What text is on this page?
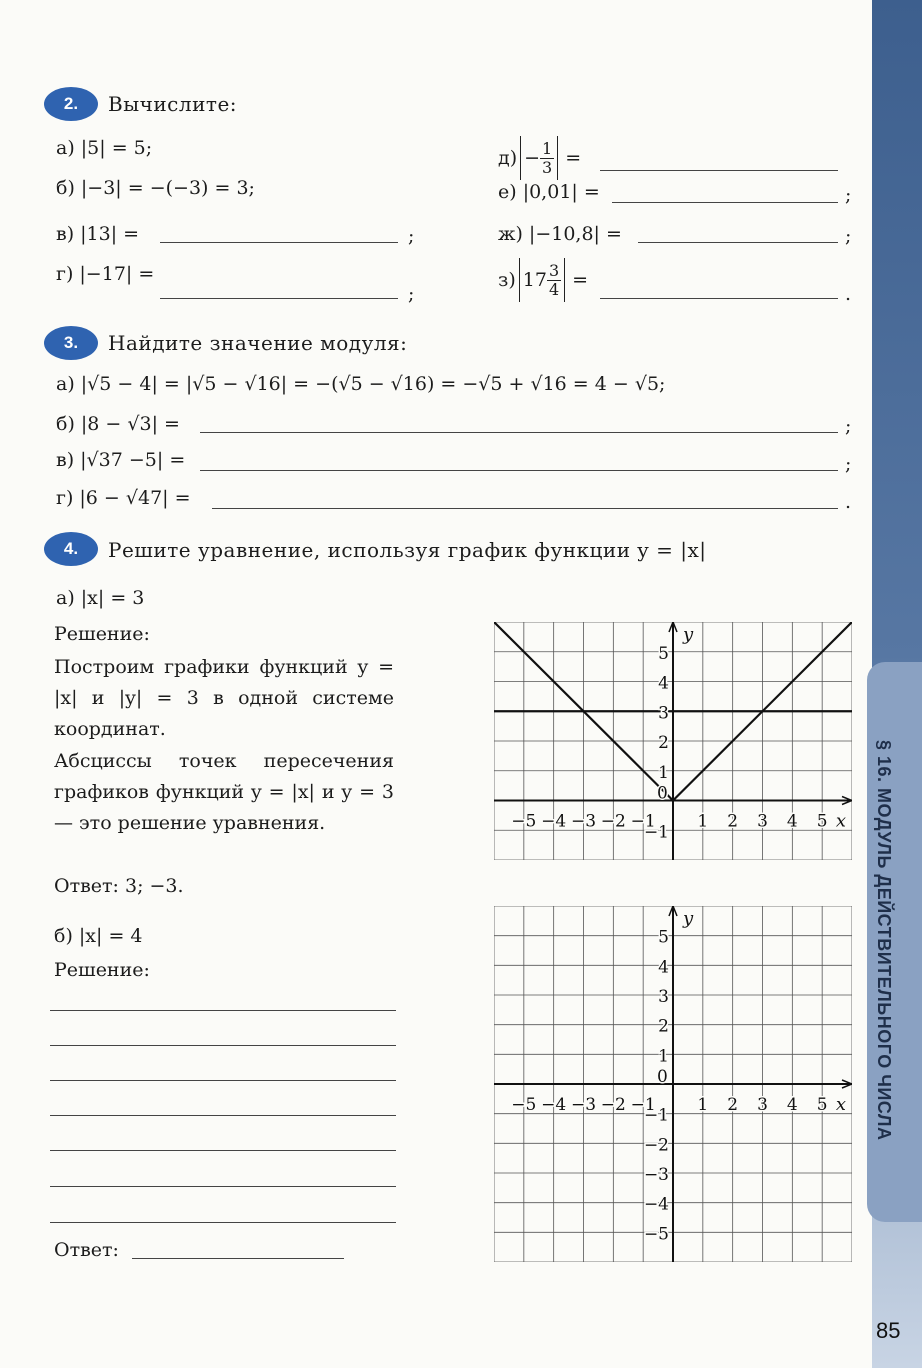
§ 16. МОДУЛЬ ДЕЙСТВИТЕЛЬНОГО ЧИСЛА
85
2.	Вычислите:
а) |5| = 5;
б) |−3| = −(−3) = 3;
в) |13| =	;
г) |−17| =
;
$д) - \frac{1}{3}$ =
е) |0,01| =	;
ж) |−10,8| =	;
з) $17 \frac{3}{4}$ =
.
3.	Найдите значение модуля:
а) |√5 − 4| = |√5 − √16| = −(√5 − √16) = −√5 + √16 = 4 − √5;
б) |8 − √3| =	;
в) |√37 −5| =	;
г) |6 − √47| =	.
4.	Решите уравнение, используя график функции y = |x|
а) |x| = 3
Решение:
Построим графики функций y = |x| и |y| = 3 в одной системе координат.
Абсциссы точек пересечения графиков функций y = |x| и y = 3 — это решение уравнения.
Ответ: 3; −3.
б) |x| = 4
Решение:
Ответ:
−5 −4 −3 −2 −1
0
1 2 3 4 5
5
4
3
2
1
−1
x
y
−5 −4 −3 −2 −1
0
1 2 3 4 5
5
4
3
2
1
−1
−2
−3
−4
−5
x
y
